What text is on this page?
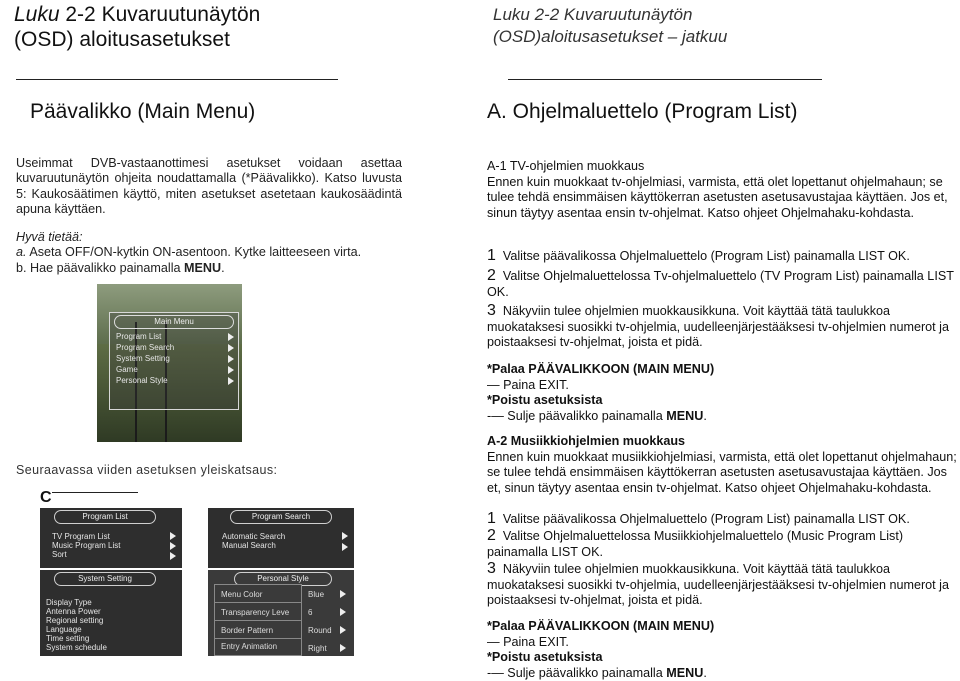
Luku 2-2 Kuvaruutunäytön
(OSD) aloitusasetukset
Päävalikko (Main Menu)
Useimmat DVB-vastaanottimesi asetukset voidaan asettaa kuvaruutunäytön ohjeita noudattamalla (*Päävalikko). Katso luvusta 5: Kaukosäätimen käyttö, miten asetukset asetetaan kaukosäädintä apuna käyttäen.
Hyvä tietää:
a. Aseta OFF/ON-kytkin ON-asentoon. Kytke laitteeseen virta.
b. Hae päävalikko painamalla MENU.
Main Menu
Program List
Program Search
System Setting
Game
Personal Style
Seuraavassa viiden asetuksen yleiskatsaus:
C
Program List
TV Program List
Music Program List
Sort
Program Search
Automatic Search
Manual Search
System Setting
Display Type
Antenna Power
Regional setting
Language
Time setting
System schedule
Personal Style
Menu Color
Transparency Leve
Border Pattern
Entry Animation
Blue
6
Round
Right
Luku 2-2 Kuvaruutunäytön
(OSD)aloitusasetukset – jatkuu
A. Ohjelmaluettelo (Program List)
A-1 TV-ohjelmien muokkaus
Ennen kuin muokkaat tv-ohjelmiasi, varmista, että olet lopettanut ohjelmahaun; se tulee tehdä ensimmäisen käyttökerran asetusten asetusavustajaa käyttäen. Jos et, sinun täytyy asentaa ensin tv-ohjelmat. Katso ohjeet Ohjelmahaku-kohdasta.
1 Valitse päävalikossa Ohjelmaluettelo (Program List) painamalla LIST OK.
2 Valitse Ohjelmaluettelossa Tv-ohjelmaluettelo (TV Program List) painamalla LIST OK.
3 Näkyviin tulee ohjelmien muokkausikkuna. Voit käyttää tätä taulukkoa muokataksesi suosikki tv-ohjelmia, uudelleenjärjestääksesi tv-ohjelmien numerot ja poistaaksesi tv-ohjelmat, joista et pidä.
*Palaa PÄÄVALIKKOON (MAIN MENU)
— Paina EXIT.
*Poistu asetuksista
-— Sulje päävalikko painamalla MENU.
A-2 Musiikkiohjelmien muokkaus
Ennen kuin muokkaat musiikkiohjelmiasi, varmista, että olet lopettanut ohjelmahaun; se tulee tehdä ensimmäisen käyttökerran asetusten asetusavustajaa käyttäen. Jos et, sinun täytyy asentaa ensin tv-ohjelmat. Katso ohjeet Ohjelmahaku-kohdasta.
1 Valitse päävalikossa Ohjelmaluettelo (Program List) painamalla LIST OK.
2 Valitse Ohjelmaluettelossa Musiikkiohjelmaluettelo (Music Program List) painamalla LIST OK.
3 Näkyviin tulee ohjelmien muokkausikkuna. Voit käyttää tätä taulukkoa muokataksesi suosikki tv-ohjelmia, uudelleenjärjestääksesi tv-ohjelmien numerot ja poistaaksesi tv-ohjelmat, joista et pidä.
*Palaa PÄÄVALIKKOON (MAIN MENU)
— Paina EXIT.
*Poistu asetuksista
-— Sulje päävalikko painamalla MENU.
